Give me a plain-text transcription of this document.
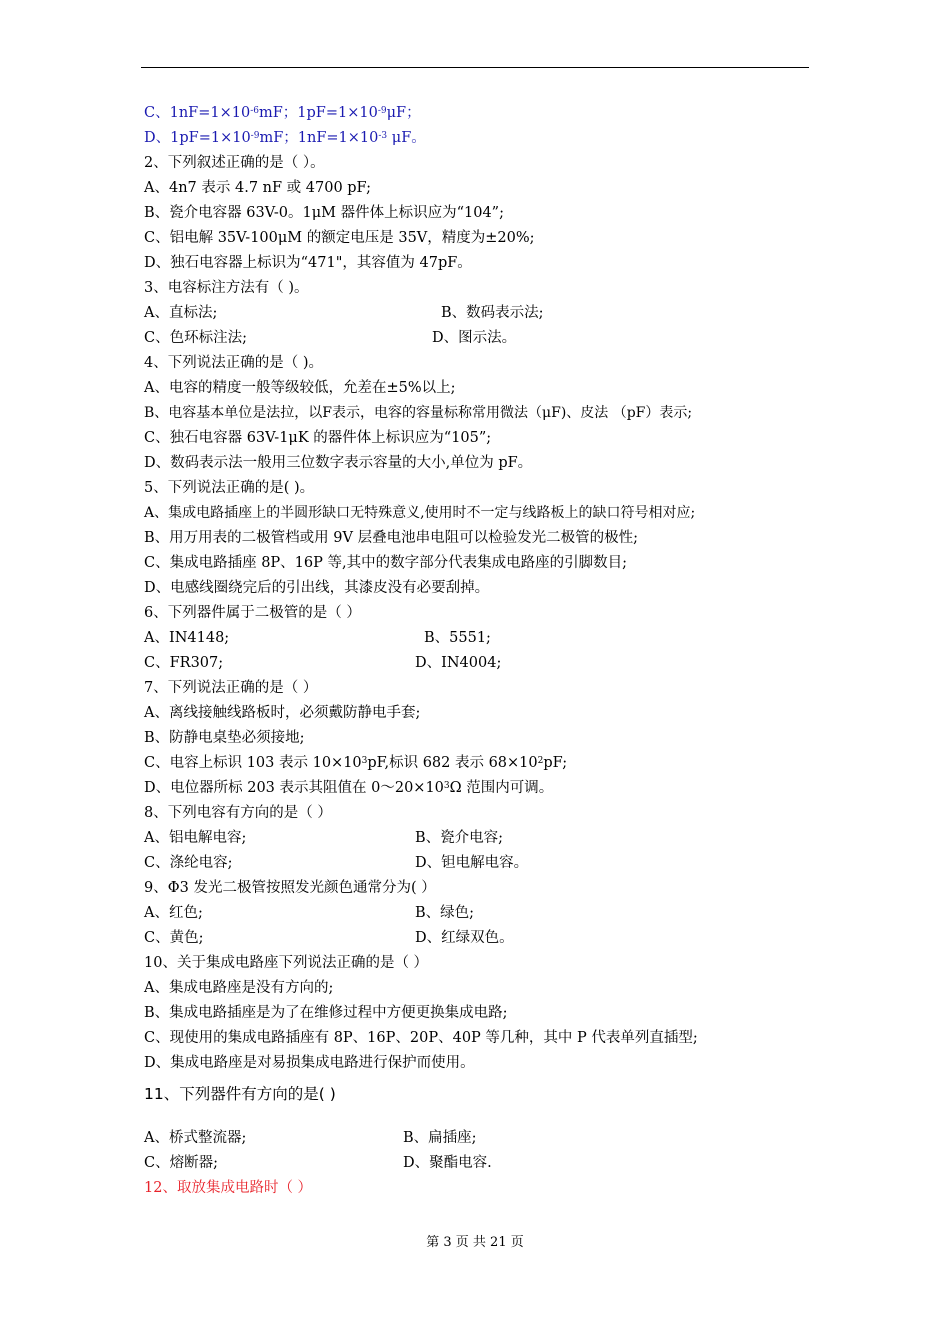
C、$1nF=1\times 10^{-6}mF$；$1pF=1\times 10^{-9}\mu F$；
D、$1pF=1\times 10^{-9}mF$；$1nF=1\times 10^{-3}$ μF。
2、下列叙述正确的是（ ）。
A、4n7 表示 4.7 nF 或 4700 pF;
B、瓷介电容器 63V-0。1μM 器件体上标识应为“104”;
C、铝电解 35V-100μM 的额定电压是 35V，精度为±20%;
D、独石电容器上标识为“471"，其容值为 47pF。
3、电容标注方法有（ )。
A、直标法;	B、数码表示法;
C、色环标注法;	D、图示法。
4、下列说法正确的是（ )。
A、电容的精度一般等级较低，允差在±5%以上;
B、电容基本单位是法拉，以F表示，电容的容量标称常用微法（μF)、皮法 （pF）表示;
C、独石电容器 63V-1μK 的器件体上标识应为“105”;
D、数码表示法一般用三位数字表示容量的大小,单位为 pF。
5、下列说法正确的是( )。
A、集成电路插座上的半圆形缺口无特殊意义,使用时不一定与线路板上的缺口符号相对应;
B、用万用表的二极管档或用 9V 层叠电池串电阻可以检验发光二极管的极性;
C、集成电路插座 8P、16P 等,其中的数字部分代表集成电路座的引脚数目;
D、电感线圈绕完后的引出线，其漆皮没有必要刮掉。
6、下列器件属于二极管的是（ ）
A、IN4148;	B、5551;
C、FR307;	D、IN4004;
7、下列说法正确的是（ ）
A、离线接触线路板时，必须戴防静电手套;
B、防静电桌垫必须接地;
C、电容上标识 103 表示 $10\times 10^3pF$,标识 682 表示 $68\times 10^2pF$;
D、电位器所标 203 表示其阻值在 $0\sim 20\times 10^3\Omega$ 范围内可调。
8、下列电容有方向的是（ ）
A、铝电解电容;	B、瓷介电容;
C、涤纶电容;	D、钽电解电容。
9、Φ3 发光二极管按照发光颜色通常分为( ）
A、红色;	B、绿色;
C、黄色;	D、红绿双色。
10、关于集成电路座下列说法正确的是（ ）
A、集成电路座是没有方向的;
B、集成电路插座是为了在维修过程中方便更换集成电路;
C、现使用的集成电路插座有 8P、16P、20P、40P 等几种，其中 P 代表单列直插型;
D、集成电路座是对易损集成电路进行保护而使用。
11、下列器件有方向的是( )
A、桥式整流器;	B、扁插座;
C、熔断器;	D、聚酯电容.
12、取放集成电路时（ ）
第 3 页 共 21 页
